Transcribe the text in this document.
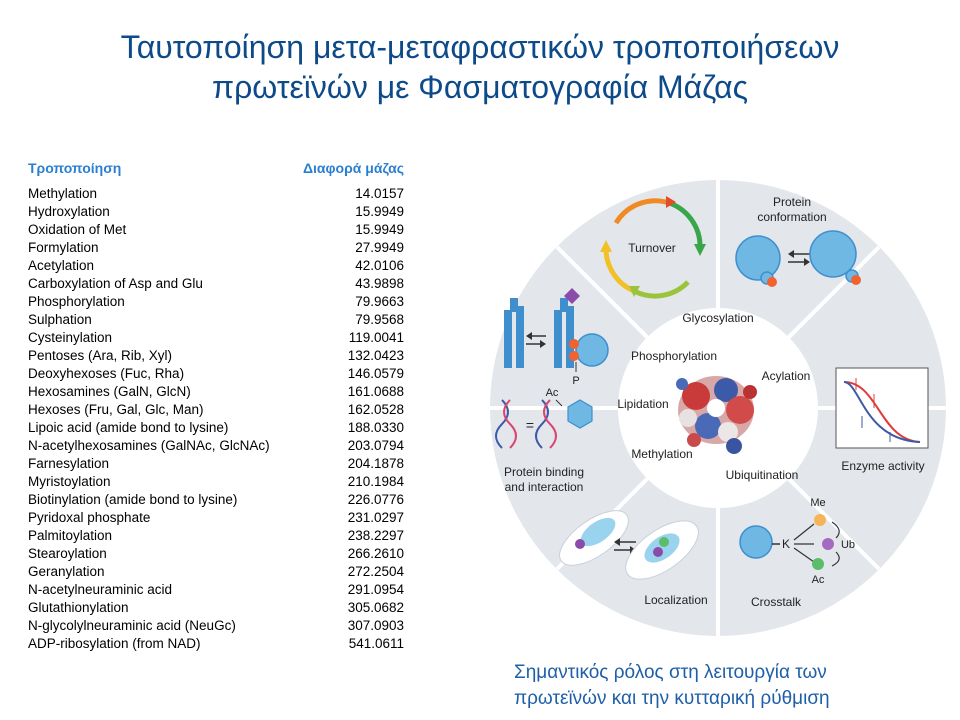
Ταυτοποίηση μετα-μεταφραστικών τροποποιήσεων
πρωτεϊνών με Φασματογραφία Μάζας
Τροποποίηση	Διαφορά μάζας
Methylation	14.0157
Hydroxylation	15.9949
Oxidation of Met	15.9949
Formylation	27.9949
Acetylation	42.0106
Carboxylation of Asp and Glu	43.9898
Phosphorylation	79.9663
Sulphation	79.9568
Cysteinylation	119.0041
Pentoses (Ara, Rib, Xyl)	132.0423
Deoxyhexoses (Fuc, Rha)	146.0579
Hexosamines (GalN, GlcN)	161.0688
Hexoses (Fru, Gal, Glc, Man)	162.0528
Lipoic acid (amide bond to lysine)	188.0330
N-acetylhexosamines (GalNAc, GlcNAc)	203.0794
Farnesylation	204.1878
Myristoylation	210.1984
Biotinylation (amide bond to lysine)	226.0776
Pyridoxal phosphate	231.0297
Palmitoylation	238.2297
Stearoylation	266.2610
Geranylation	272.2504
N-acetylneuraminic acid	291.0954
Glutathionylation	305.0682
N-glycolylneuraminic acid (NeuGc)	307.0903
ADP-ribosylation (from NAD)	541.0611
Glycosylation
Phosphorylation
Acylation
Lipidation
Methylation
Ubiquitination
Turnover
Protein
conformation
Enzyme activity
K
Me
Ub
Ac
Crosstalk
Localization
P
Ac
=
Protein binding
and interaction
Σημαντικός ρόλος στη λειτουργία των
πρωτεϊνών και την κυτταρική ρύθμιση
